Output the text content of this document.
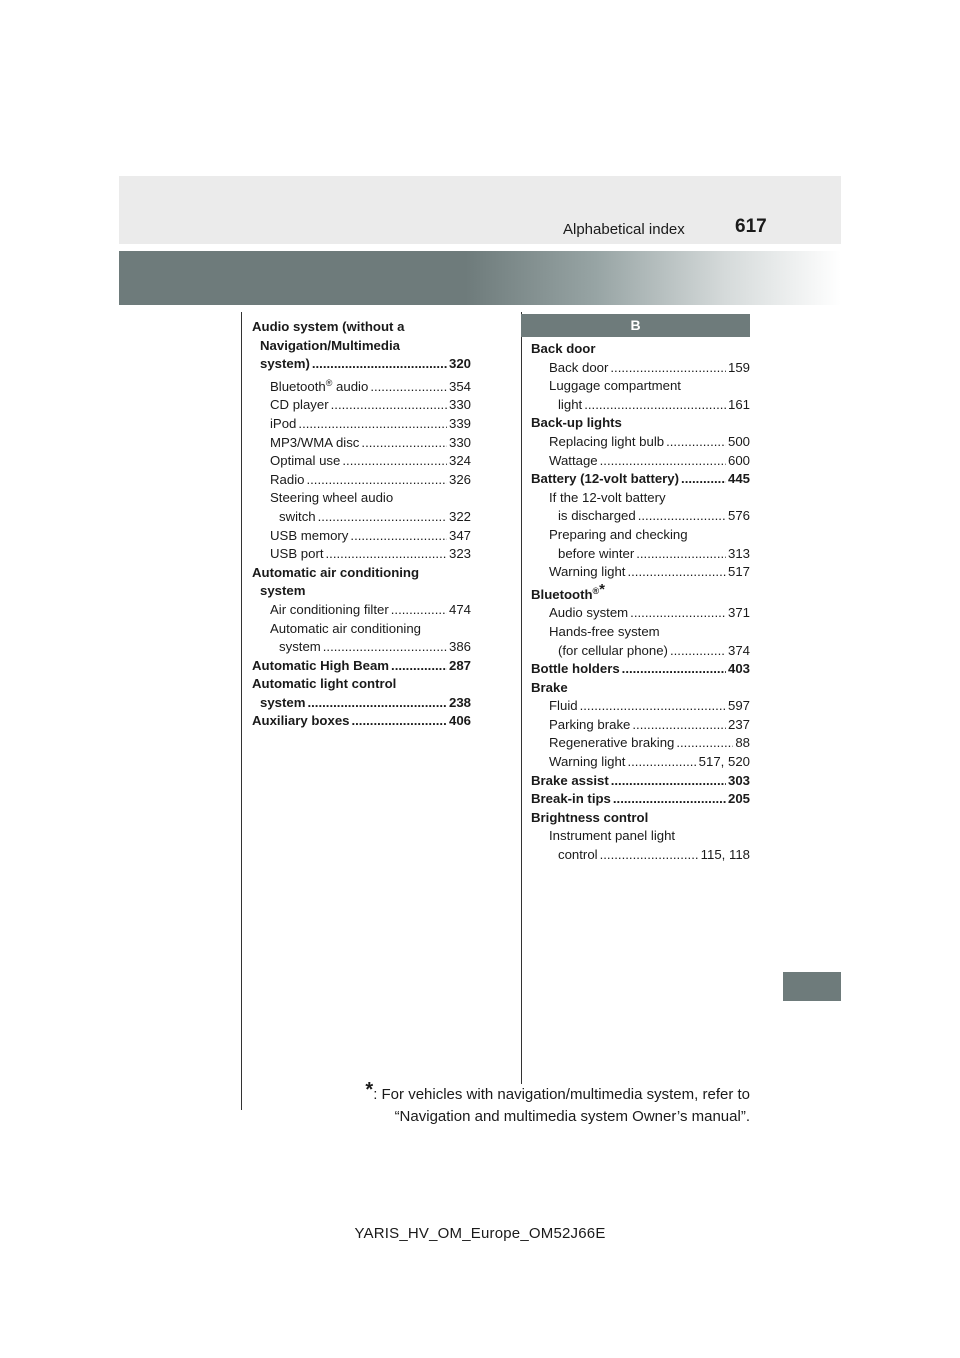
Alphabetical index	617
B
Audio system (without a
Navigation/Multimedia
system) .....	320
Bluetooth® audio .....	354
CD player .....	330
iPod .....	339
MP3/WMA disc .....	330
Optimal use .....	324
Radio .....	326
Steering wheel audio
switch .....	322
USB memory .....	347
USB port .....	323
Automatic air conditioning
system
Air conditioning filter .....	474
Automatic air conditioning
system .....	386
Automatic High Beam .....	287
Automatic light control
system .....	238
Auxiliary boxes .....	406
Back door
Back door .....	159
Luggage compartment
light .....	161
Back-up lights
Replacing light bulb .....	500
Wattage .....	600
Battery (12-volt battery) .....	445
If the 12-volt battery
is discharged .....	576
Preparing and checking
before winter .....	313
Warning light .....	517
Bluetooth®*
Audio system .....	371
Hands-free system
(for cellular phone) .....	374
Bottle holders .....	403
Brake
Fluid .....	597
Parking brake .....	237
Regenerative braking .....	88
Warning light .....	517, 520
Brake assist .....	303
Break-in tips .....	205
Brightness control
Instrument panel light
control .....	115, 118
*: For vehicles with navigation/multimedia system, refer to
“Navigation and multimedia system Owner’s manual”.
YARIS_HV_OM_Europe_OM52J66E
